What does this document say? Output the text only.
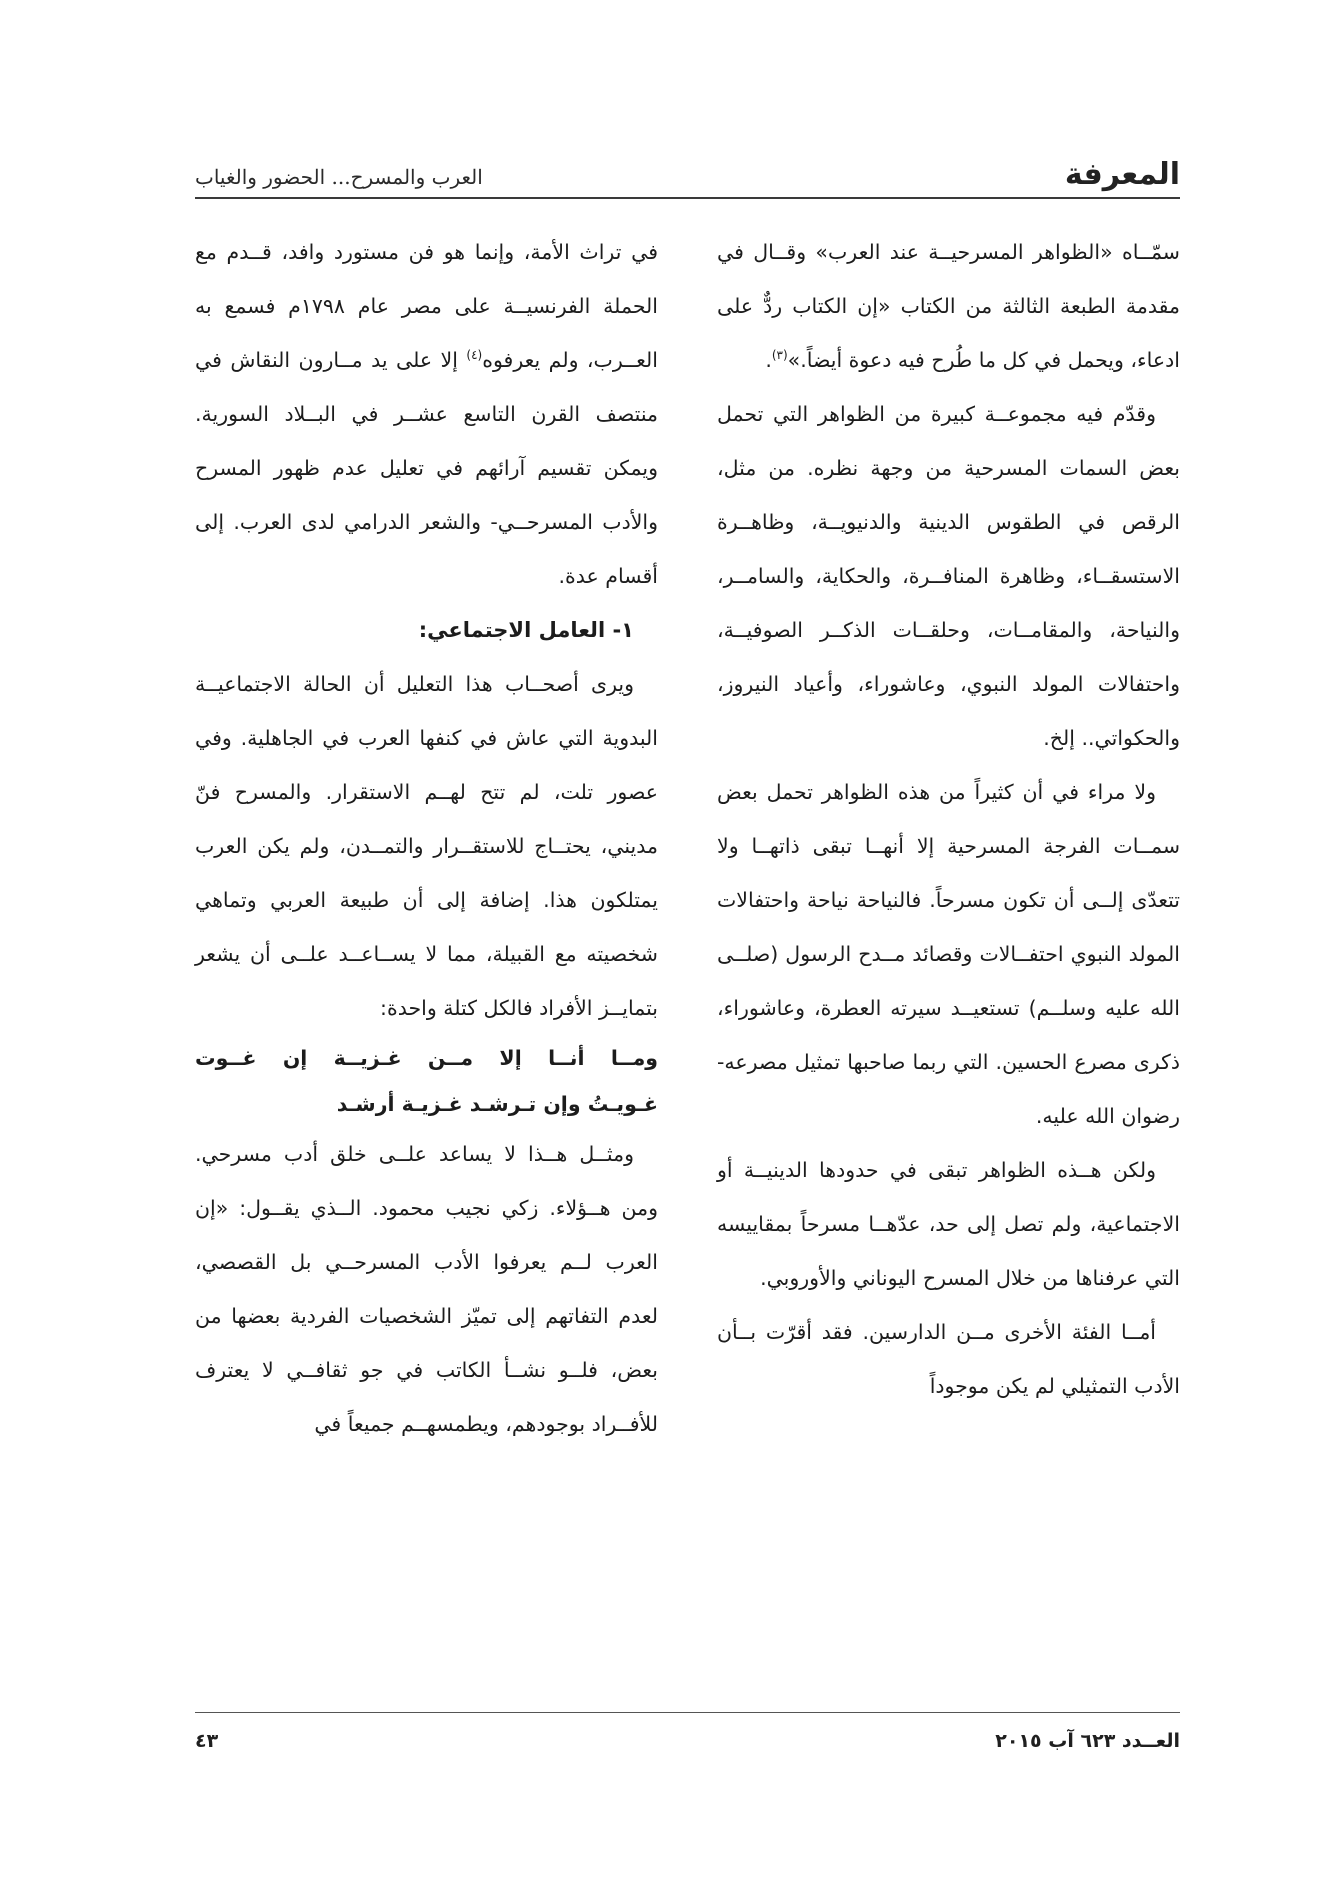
العرب والمسرح... الحضور والغياب	المعرفة

سمّــاه «الظواهر المسرحيــة عند العرب» وقــال في مقدمة الطبعة الثالثة من الكتاب «إن الكتاب ردٌّ على ادعاء، ويحمل في كل ما طُرح فيه دعوة أيضاً.»$^{(٣)}$.

وقدّم فيه مجموعــة كبيرة من الظواهر التي تحمل بعض السمات المسرحية من وجهة نظره. من مثل، الرقص في الطقوس الدينية والدنيويــة، وظاهــرة الاستسقــاء، وظاهرة المنافــرة، والحكاية، والسامــر، والنياحة، والمقامــات، وحلقــات الذكــر الصوفيــة، واحتفالات المولد النبوي، وعاشوراء، وأعياد النيروز، والحكواتي.. إلخ.

ولا مراء في أن كثيراً من هذه الظواهر تحمل بعض سمــات الفرجة المسرحية إلا أنهــا تبقى ذاتهــا ولا تتعدّى إلــى أن تكون مسرحاً. فالنياحة نياحة واحتفالات المولد النبوي احتفــالات وقصائد مــدح الرسول (صلــى الله عليه وسلــم) تستعيــد سيرته العطرة، وعاشوراء، ذكرى مصرع الحسين. التي ربما صاحبها تمثيل مصرعه- رضوان الله عليه.

ولكن هــذه الظواهر تبقى في حدودها الدينيــة أو الاجتماعية، ولم تصل إلى حد، عدّهــا مسرحاً بمقاييسه التي عرفناها من خلال المسرح اليوناني والأوروبي.

أمــا الفئة الأخرى مــن الدارسين. فقد أقرّت بــأن الأدب التمثيلي لم يكن موجوداً

في تراث الأمة، وإنما هو فن مستورد وافد، قــدم مع الحملة الفرنسيــة على مصر عام ١٧٩٨م فسمع به العــرب، ولم يعرفوه$^{(٤)}$ إلا على يد مــارون النقاش في منتصف القرن التاسع عشــر في البــلاد السورية. ويمكن تقسيم آرائهم في تعليل عدم ظهور المسرح والأدب المسرحــي- والشعر الدرامي لدى العرب. إلى أقسام عدة.

١- العامل الاجتماعي:

ويرى أصحــاب هذا التعليل أن الحالة الاجتماعيــة البدوية التي عاش في كنفها العرب في الجاهلية. وفي عصور تلت، لم تتح لهــم الاستقرار. والمسرح فنّ مديني، يحتــاج للاستقــرار والتمــدن، ولم يكن العرب يمتلكون هذا. إضافة إلى أن طبيعة العربي وتماهي شخصيته مع القبيلة، مما لا يســاعــد علــى أن يشعر بتمايــز الأفراد فالكل كتلة واحدة:

ومــا أنــا إلا مــن غـزيــة إن غــوت

غـويـتُ وإن تـرشـد غـزيـة أرشـد

ومثــل هــذا لا يساعد علــى خلق أدب مسرحي. ومن هــؤلاء. زكي نجيب محمود. الــذي يقــول: «إن العرب لــم يعرفوا الأدب المسرحــي بل القصصي، لعدم التفاتهم إلى تميّز الشخصيات الفردية بعضها من بعض، فلــو نشــأ الكاتب في جو ثقافــي لا يعترف للأفــراد بوجودهم، ويطمسهــم جميعاً في

العــدد ٦٢٣ آب ٢٠١٥
٤٣
